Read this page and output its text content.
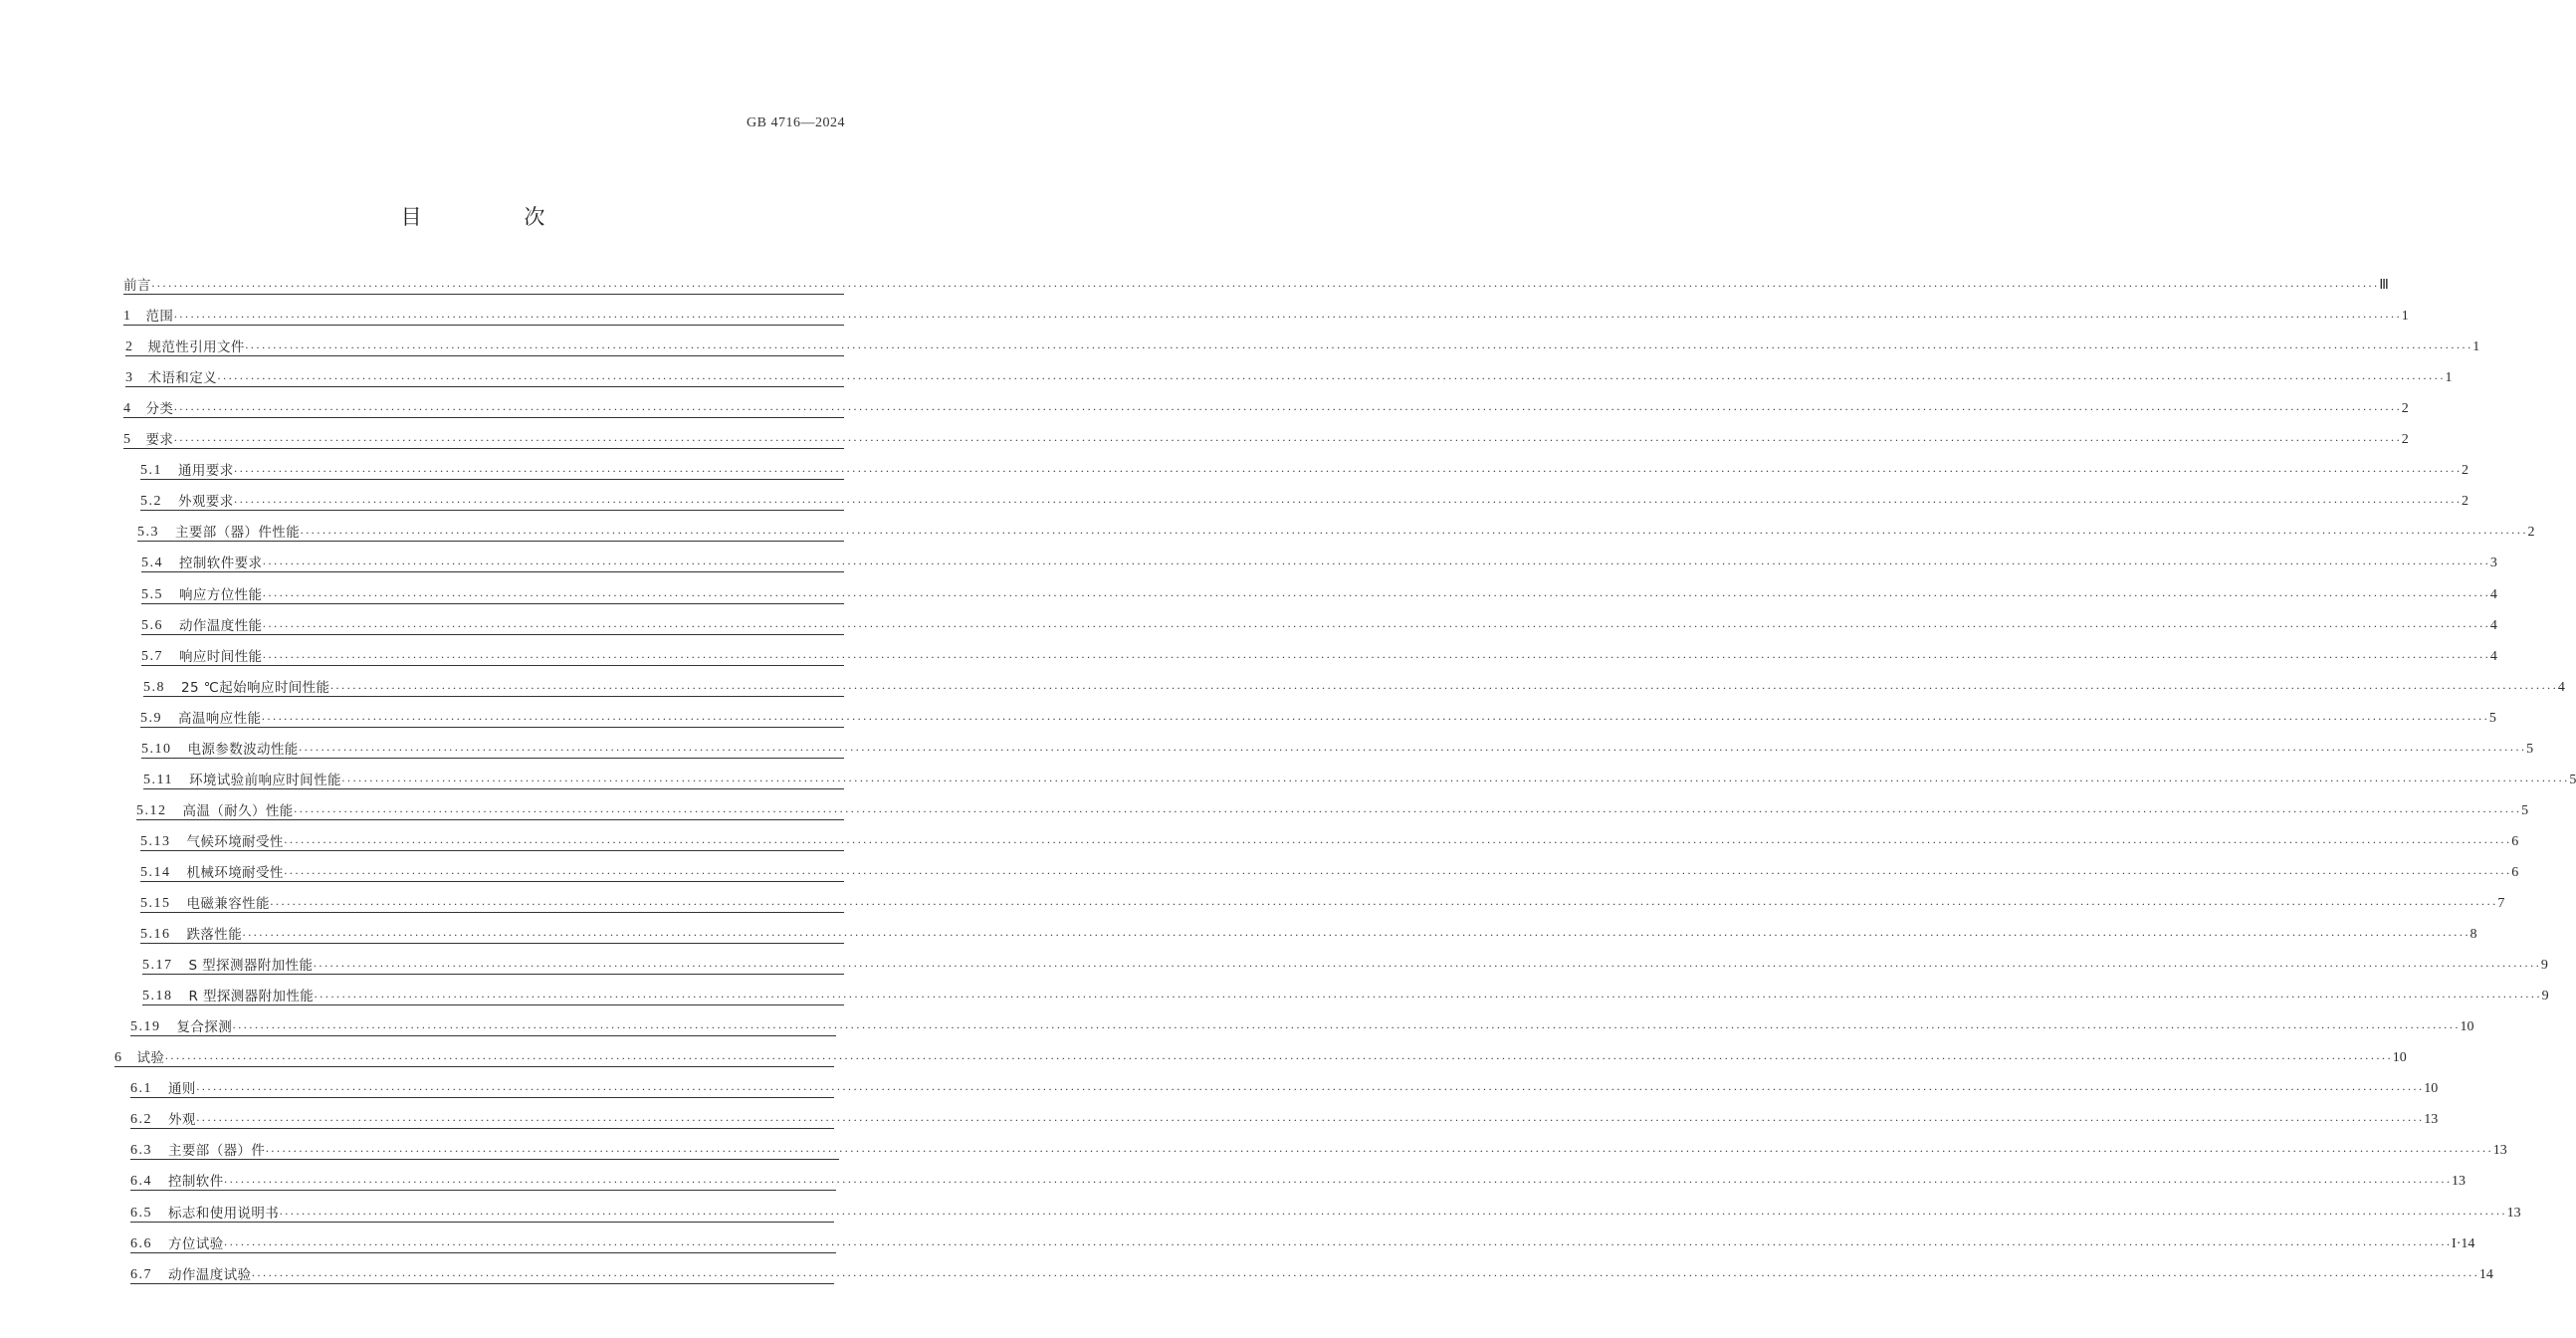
GB 4716—2024
目 次
前言 ················································································································································································································································································································································································································ Ⅲ
1 范围 ················································································································································································································································································································································································································ 1
2 规范性引用文件 ················································································································································································································································································································································································································ 1
3 术语和定义 ················································································································································································································································································································································································································ 1
4 分类 ················································································································································································································································································································································································································ 2
5 要求 ················································································································································································································································································································································································································ 2
5.1 通用要求 ················································································································································································································································································································································································································ 2
5.2 外观要求 ················································································································································································································································································································································································································ 2
5.3 主要部（器）件性能 ················································································································································································································································································································································································································ 2
5.4 控制软件要求 ················································································································································································································································································································································································································ 3
5.5 响应方位性能 ················································································································································································································································································································································································································ 4
5.6 动作温度性能 ················································································································································································································································································································································································································ 4
5.7 响应时间性能 ················································································································································································································································································································································································································ 4
5.8 25 ℃起始响应时间性能 ················································································································································································································································································································································································································ 4
5.9 高温响应性能 ················································································································································································································································································································································································································ 5
5.10 电源参数波动性能 ················································································································································································································································································································································································································ 5
5.11 环境试验前响应时间性能 ················································································································································································································································································································································································································ 5
5.12 高温（耐久）性能 ················································································································································································································································································································································································································ 5
5.13 气候环境耐受性 ················································································································································································································································································································································································································ 6
5.14 机械环境耐受性 ················································································································································································································································································································································································································ 6
5.15 电磁兼容性能 ················································································································································································································································································································································································································ 7
5.16 跌落性能 ················································································································································································································································································································································································································ 8
5.17 S 型探测器附加性能 ················································································································································································································································································································································································································ 9
5.18 R 型探测器附加性能 ················································································································································································································································································································································································································ 9
5.19 复合探测 ················································································································································································································································································································································································································ 10
6 试验 ················································································································································································································································································································································································································ 10
6.1 通则 ················································································································································································································································································································································································································ 10
6.2 外观 ················································································································································································································································································································································································································ 13
6.3 主要部（器）件 ················································································································································································································································································································································································································ 13
6.4 控制软件 ················································································································································································································································································································································································································ 13
6.5 标志和使用说明书 ················································································································································································································································································································································································································ 13
6.6 方位试验 ················································································································································································································································································································································································································ I·14
6.7 动作温度试验 ················································································································································································································································································································································································································ 14
